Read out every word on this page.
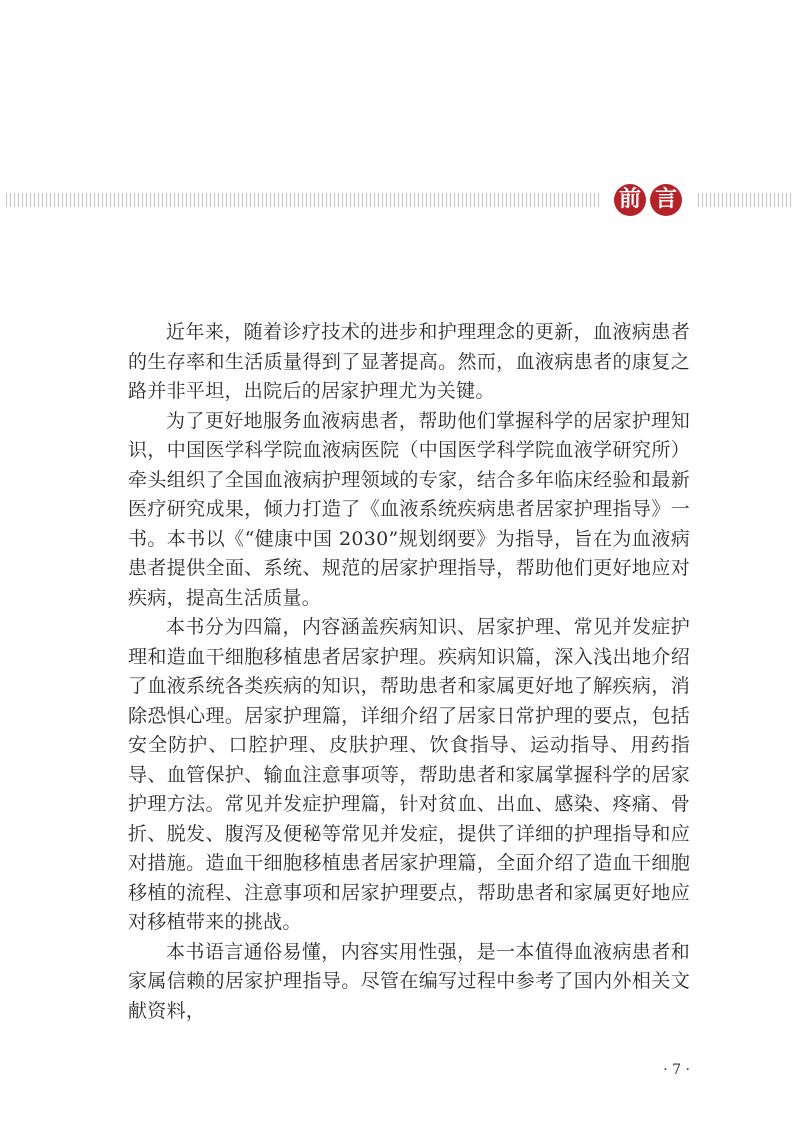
前 言

近年来，随着诊疗技术的进步和护理理念的更新，血液病患者的生存率和生活质量得到了显著提高。然而，血液病患者的康复之路并非平坦，出院后的居家护理尤为关键。

为了更好地服务血液病患者，帮助他们掌握科学的居家护理知识，中国医学科学院血液病医院（中国医学科学院血液学研究所）牵头组织了全国血液病护理领域的专家，结合多年临床经验和最新医疗研究成果，倾力打造了《血液系统疾病患者居家护理指导》一书。本书以《“健康中国 2030”规划纲要》为指导，旨在为血液病患者提供全面、系统、规范的居家护理指导，帮助他们更好地应对疾病，提高生活质量。

本书分为四篇，内容涵盖疾病知识、居家护理、常见并发症护理和造血干细胞移植患者居家护理。疾病知识篇，深入浅出地介绍了血液系统各类疾病的知识，帮助患者和家属更好地了解疾病，消除恐惧心理。居家护理篇，详细介绍了居家日常护理的要点，包括安全防护、口腔护理、皮肤护理、饮食指导、运动指导、用药指导、血管保护、输血注意事项等，帮助患者和家属掌握科学的居家护理方法。常见并发症护理篇，针对贫血、出血、感染、疼痛、骨折、脱发、腹泻及便秘等常见并发症，提供了详细的护理指导和应对措施。造血干细胞移植患者居家护理篇，全面介绍了造血干细胞移植的流程、注意事项和居家护理要点，帮助患者和家属更好地应对移植带来的挑战。

本书语言通俗易懂，内容实用性强，是一本值得血液病患者和家属信赖的居家护理指导。尽管在编写过程中参考了国内外相关文献资料，

· 7 ·
